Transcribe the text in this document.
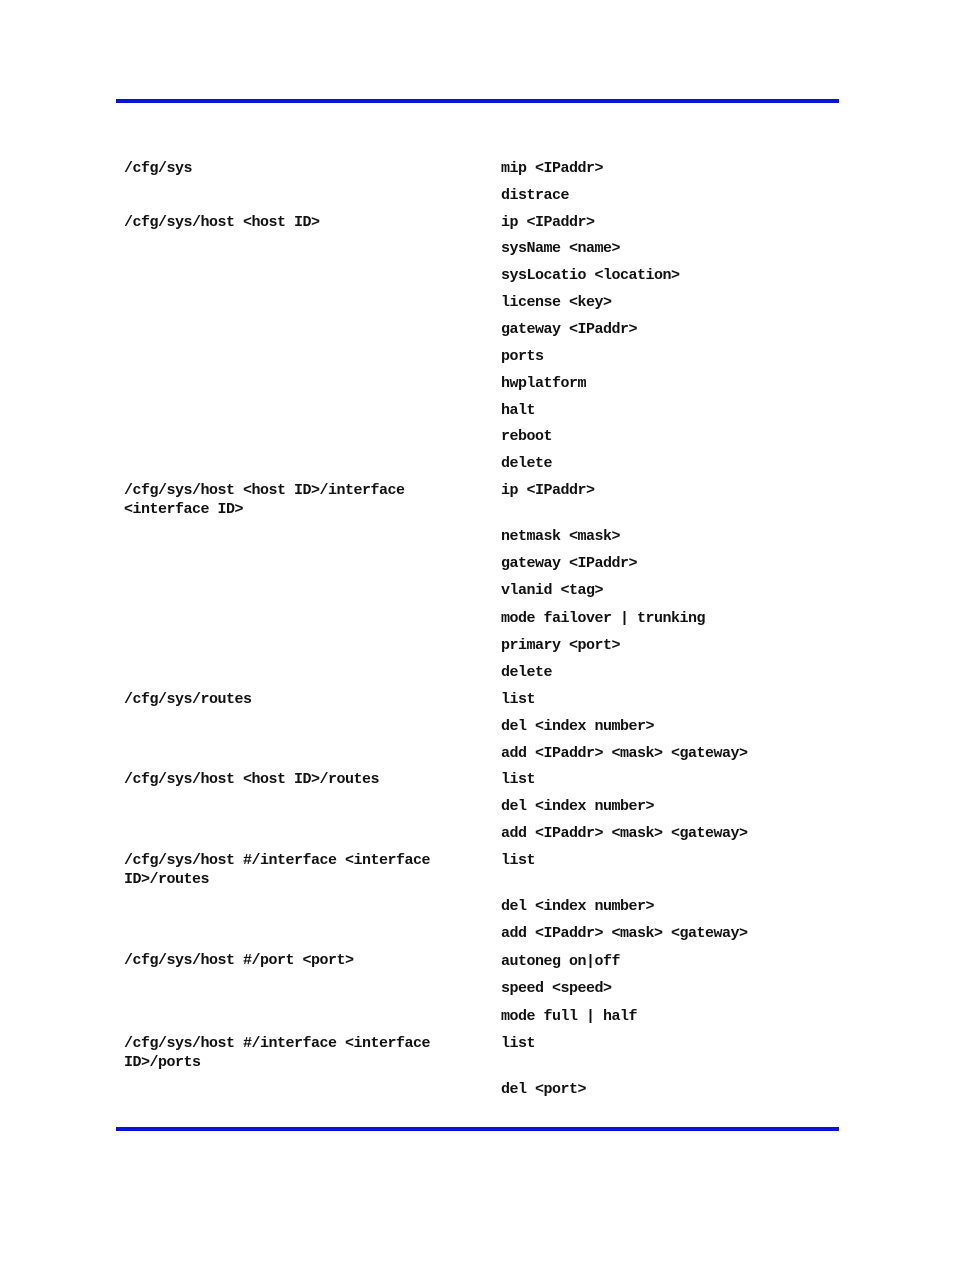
/cfg/sys
/cfg/sys/host <host ID>
/cfg/sys/host <host ID>/interface
<interface ID>
/cfg/sys/routes
/cfg/sys/host <host ID>/routes
/cfg/sys/host #/interface <interface
ID>/routes
/cfg/sys/host #/port <port>
/cfg/sys/host #/interface <interface
ID>/ports
mip <IPaddr>
distrace
ip <IPaddr>
sysName <name>
sysLocatio <location>
license <key>
gateway <IPaddr>
ports
hwplatform
halt
reboot
delete
ip <IPaddr>
netmask <mask>
gateway <IPaddr>
vlanid <tag>
mode failover | trunking
primary <port>
delete
list
del <index number>
add <IPaddr> <mask> <gateway>
list
del <index number>
add <IPaddr> <mask> <gateway>
list
del <index number>
add <IPaddr> <mask> <gateway>
autoneg on|off
speed <speed>
mode full | half
list
del <port>
